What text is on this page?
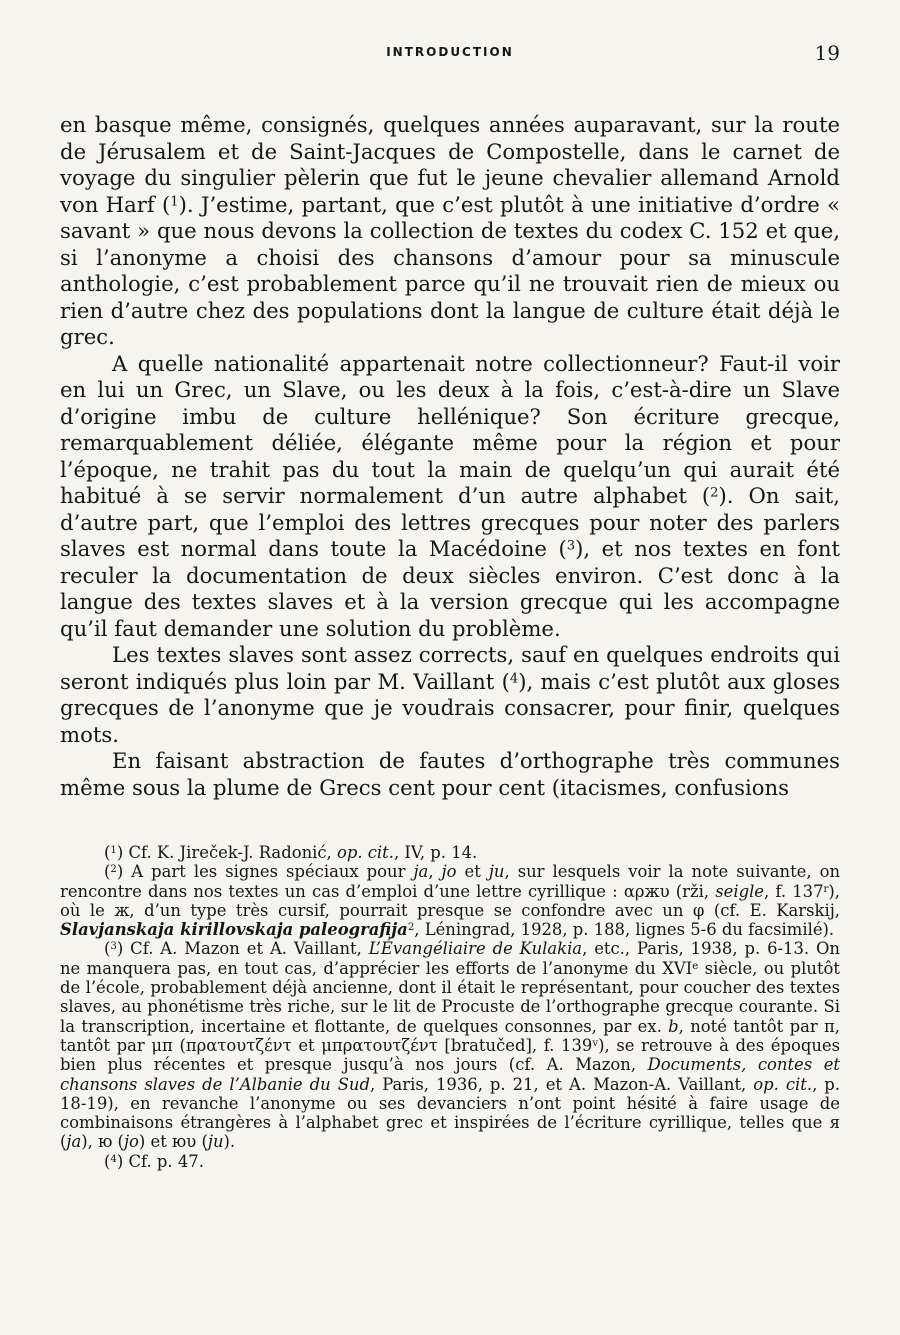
INTRODUCTION	19

en basque même, consignés, quelques années auparavant, sur la route de Jérusalem et de Saint-Jacques de Compostelle, dans le carnet de voyage du singulier pèlerin que fut le jeune chevalier allemand Arnold von Harf ($^1$). J’estime, partant, que c’est plutôt à une initiative d’ordre « savant » que nous devons la collection de textes du codex C. 152 et que, si l’anonyme a choisi des chansons d’amour pour sa minuscule anthologie, c’est probablement parce qu’il ne trouvait rien de mieux ou rien d’autre chez des populations dont la langue de culture était déjà le grec.

A quelle nationalité appartenait notre collectionneur? Faut-il voir en lui un Grec, un Slave, ou les deux à la fois, c’est-à-dire un Slave d’origine imbu de culture hellénique? Son écriture grecque, remarquablement déliée, élégante même pour la région et pour l’époque, ne trahit pas du tout la main de quelqu’un qui aurait été habitué à se servir normalement d’un autre alphabet ($^2$). On sait, d’autre part, que l’emploi des lettres grecques pour noter des parlers slaves est normal dans toute la Macédoine ($^3$), et nos textes en font reculer la documentation de deux siècles environ. C’est donc à la langue des textes slaves et à la version grecque qui les accompagne qu’il faut demander une solution du problème.

Les textes slaves sont assez corrects, sauf en quelques endroits qui seront indiqués plus loin par M. Vaillant ($^4$), mais c’est plutôt aux gloses grecques de l’anonyme que je voudrais consacrer, pour finir, quelques mots.

En faisant abstraction de fautes d’orthographe très communes même sous la plume de Grecs cent pour cent (itacismes, confusions

($^1$) Cf. K. Jireček-J. Radonić, op. cit., IV, p. 14.

($^2$) A part les signes spéciaux pour ja, jo et ju, sur lesquels voir la note suivante, on rencontre dans nos textes un cas d’emploi d’une lettre cyrillique : αρжυ (rži, seigle, f. 137$^r$), où le ж, d’un type très cursif, pourrait presque se confondre avec un φ (cf. E. Karskij, Slavjanskaja kirillovskaja paleografija$^2$, Léningrad, 1928, p. 188, lignes 5-6 du facsimilé).

($^3$) Cf. A. Mazon et A. Vaillant, L’Évangéliaire de Kulakia, etc., Paris, 1938, p. 6-13. On ne manquera pas, en tout cas, d’apprécier les efforts de l’anonyme du XVIe siècle, ou plutôt de l’école, probablement déjà ancienne, dont il était le représentant, pour coucher des textes slaves, au phonétisme très riche, sur le lit de Procuste de l’orthographe grecque courante. Si la transcription, incertaine et flottante, de quelques consonnes, par ex. b, noté tantôt par π, tantôt par μπ (πρατουτζέντ et μπρατουτζέντ [bratučed], f. 139$^v$), se retrouve à des époques bien plus récentes et presque jusqu’à nos jours (cf. A. Mazon, Documents, contes et chansons slaves de l’Albanie du Sud, Paris, 1936, p. 21, et A. Mazon-A. Vaillant, op. cit., p. 18-19), en revanche l’anonyme ou ses devanciers n’ont point hésité à faire usage de combinaisons étrangères à l’alphabet grec et inspirées de l’écriture cyrillique, telles que я (ja), ю (jo) et юυ (ju).

($^4$) Cf. p. 47.
